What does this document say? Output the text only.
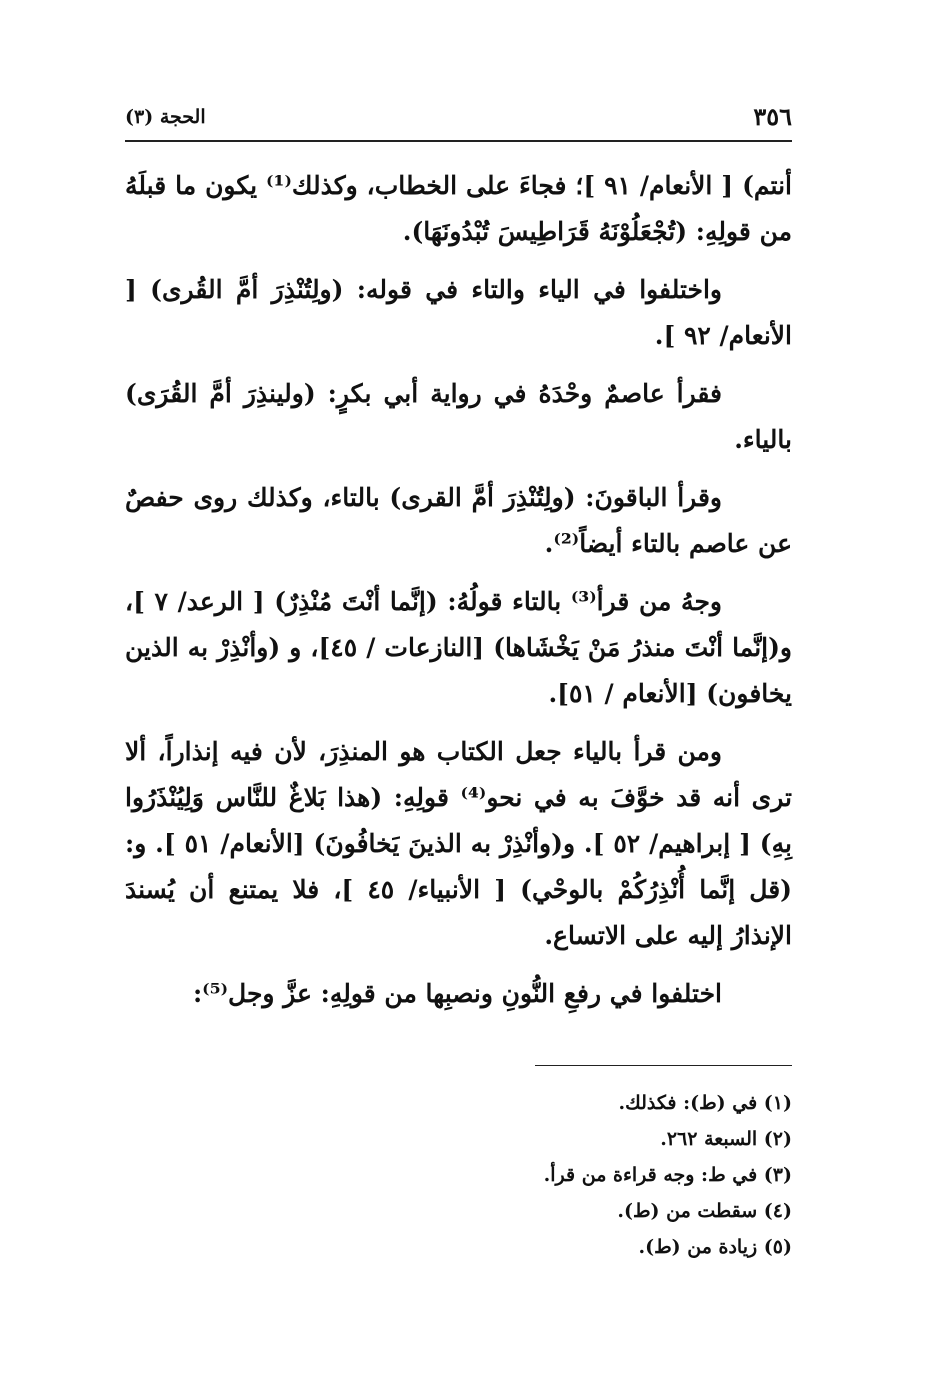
٣٥٦
الحجة (٣)

أنتم) [ الأنعام/ ٩١ ]؛ فجاءَ على الخطاب، وكذلك⁽¹⁾ يكون ما قبلَهُ من قولِهِ: (تُجْعَلُوْنَهُ قَرَاطِيسَ تُبْدُونَهَا).

واختلفوا في الياء والتاء في قوله: (ولِتُنْذِرَ أمَّ القُرى) [ الأنعام/ ٩٢ ].

فقرأ عاصمٌ وحْدَهُ في رواية أبي بكرٍ: (ولينذِرَ أمَّ القُرَى) بالياء.

وقرأ الباقونَ: (ولِتُنْذِرَ أمَّ القرى) بالتاء، وكذلك روى حفصٌ عن عاصم بالتاء أيضاً⁽²⁾.

وجهُ من قرأ⁽³⁾ بالتاء قولُهُ: (إنَّما أنْتَ مُنْذِرٌ) [ الرعد/ ٧ ]، و(إنَّما أنْتَ منذرُ مَنْ يَخْشَاها) [النازعات / ٤٥]، و (وأنْذِرْ به الذين يخافون) [الأنعام / ٥١].

ومن قرأ بالياء جعل الكتاب هو المنذِرَ، لأن فيه إنذاراً، ألا ترى أنه قد خوَّفَ به في نحو⁽⁴⁾ قولِهِ: (هذا بَلاغٌ للنَّاس وَلِيُنْذَرُوا بِهِ) [ إبراهيم/ ٥٢ ]. و(وأنْذِرْ به الذينَ يَخافُونَ) [الأنعام/ ٥١ ]. و: (قل إنَّما أُنْذِرُكُمْ بالوحْي) [ الأنبياء/ ٤٥ ]، فلا يمتنع أن يُسندَ الإنذارُ إليه على الاتساع.

اختلفوا في رفعِ النُّونِ ونصبِها من قولِهِ: عزَّ وجل⁽⁵⁾:

(١) في (ط): فكذلك.
(٢) السبعة ٢٦٢.
(٣) في ط: وجه قراءة من قرأ.
(٤) سقطت من (ط).
(٥) زيادة من (ط).
